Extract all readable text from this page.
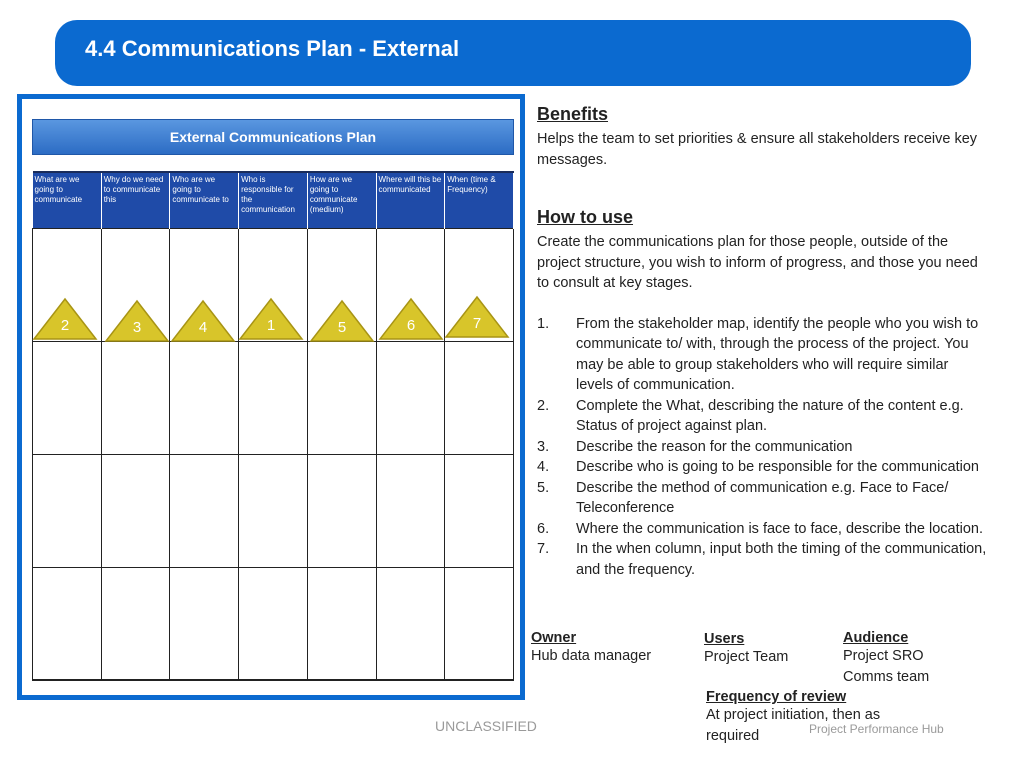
4.4 Communications Plan - External
External Communications Plan
What are we going to communicate	Why do we need to communicate this	Who are we going to communicate to	Who is responsible for the communication	How are we going to communicate (medium)	Where will this be communicated	When (time & Frequency)

2	3	4	1	5	6	7
Benefits
Helps the team to set priorities & ensure all stakeholders receive key messages.
How to use
Create the communications plan for those people, outside of the project structure, you wish to inform of progress, and those you need to consult at key stages.
1. From the stakeholder map, identify the people who you wish to communicate to/ with, through the process of the project. You may be able to group stakeholders who will require similar levels of communication.
2. Complete the What, describing the nature of the content e.g. Status of project against plan.
3. Describe the reason for the communication
4. Describe who is going to be responsible for the communication
5. Describe the method of communication e.g. Face to Face/ Teleconference
6. Where the communication is face to face, describe the location.
7. In the when column, input both the timing of the communication, and the frequency.
Owner
Hub data manager
Users
Project Team
Audience
Project SRO
Comms team
Frequency of review
At project initiation, then as required
UNCLASSIFIED	Project Performance Hub
